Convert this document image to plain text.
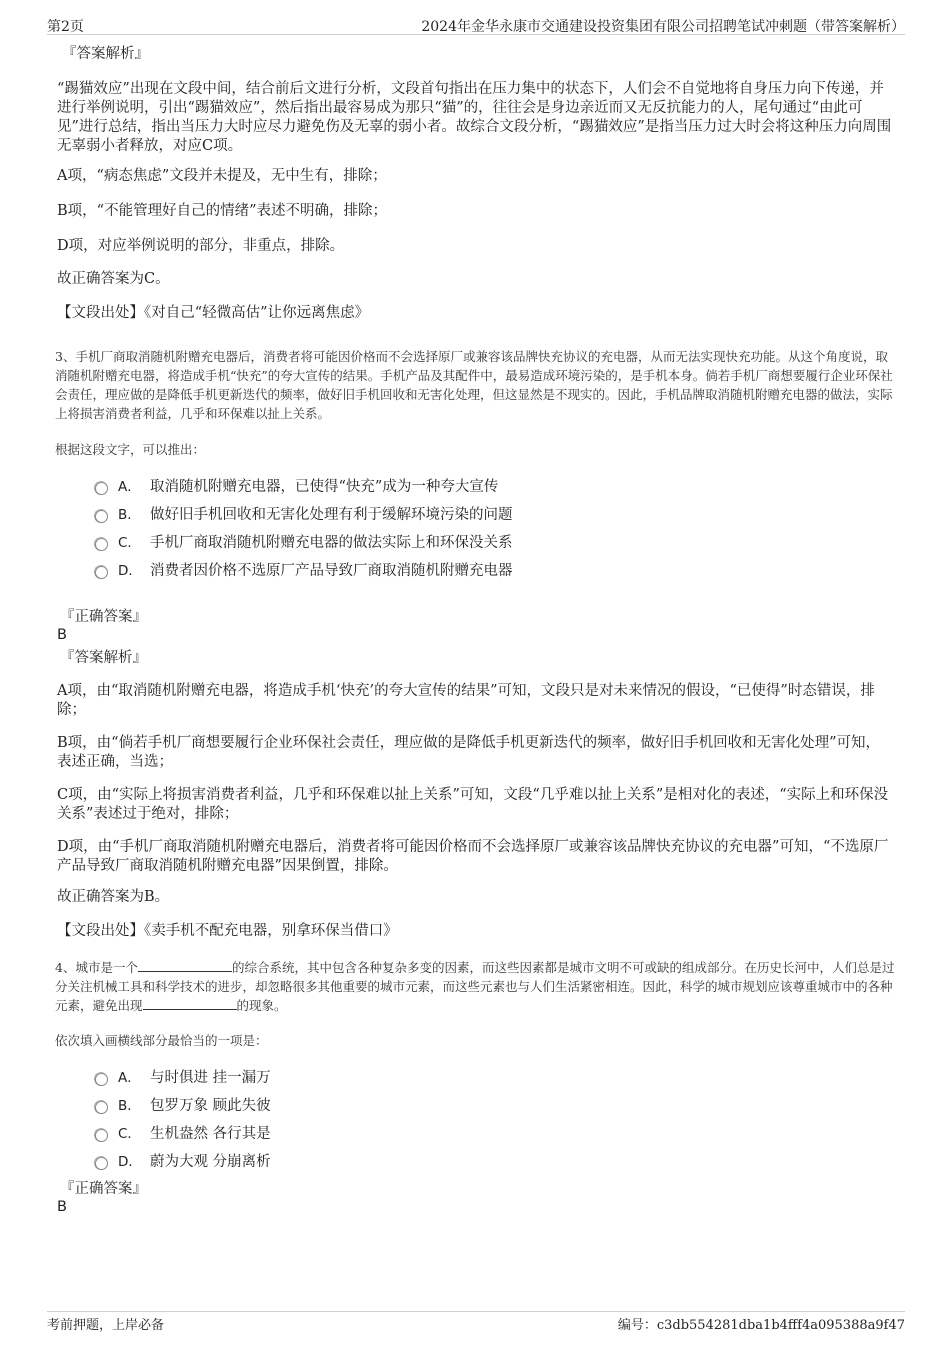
第2页	2024年金华永康市交通建设投资集团有限公司招聘笔试冲刺题（带答案解析）
『答案解析』
“踢猫效应”出现在文段中间，结合前后文进行分析，文段首句指出在压力集中的状态下，人们会不自觉地将自身压力向下传递，并进行举例说明，引出“踢猫效应”，然后指出最容易成为那只“猫”的，往往会是身边亲近而又无反抗能力的人，尾句通过“由此可见”进行总结，指出当压力大时应尽力避免伤及无辜的弱小者。故综合文段分析，“踢猫效应”是指当压力过大时会将这种压力向周围无辜弱小者释放，对应C项。
A项，“病态焦虑”文段并未提及，无中生有，排除；
B项，“不能管理好自己的情绪”表述不明确，排除；
D项，对应举例说明的部分，非重点，排除。
故正确答案为C。
【文段出处】《对自己“轻微高估”让你远离焦虑》
3、手机厂商取消随机附赠充电器后，消费者将可能因价格而不会选择原厂或兼容该品牌快充协议的充电器，从而无法实现快充功能。从这个角度说，取消随机附赠充电器，将造成手机“快充”的夸大宣传的结果。手机产品及其配件中，最易造成环境污染的，是手机本身。倘若手机厂商想要履行企业环保社会责任，理应做的是降低手机更新迭代的频率，做好旧手机回收和无害化处理，但这显然是不现实的。因此，手机品牌取消随机附赠充电器的做法，实际上将损害消费者利益，几乎和环保难以扯上关系。
根据这段文字，可以推出：
A． 取消随机附赠充电器，已使得“快充”成为一种夸大宣传
B． 做好旧手机回收和无害化处理有利于缓解环境污染的问题
C． 手机厂商取消随机附赠充电器的做法实际上和环保没关系
D． 消费者因价格不选原厂产品导致厂商取消随机附赠充电器
『正确答案』
B
『答案解析』
A项，由“取消随机附赠充电器，将造成手机‘快充’的夸大宣传的结果”可知，文段只是对未来情况的假设，“已使得”时态错误，排除；
B项，由“倘若手机厂商想要履行企业环保社会责任，理应做的是降低手机更新迭代的频率，做好旧手机回收和无害化处理”可知，表述正确，当选；
C项，由“实际上将损害消费者利益，几乎和环保难以扯上关系”可知，文段“几乎难以扯上关系”是相对化的表述，“实际上和环保没关系”表述过于绝对，排除；
D项，由“手机厂商取消随机附赠充电器后，消费者将可能因价格而不会选择原厂或兼容该品牌快充协议的充电器”可知，“不选原厂产品导致厂商取消随机附赠充电器”因果倒置，排除。
故正确答案为B。
【文段出处】《卖手机不配充电器，别拿环保当借口》
4、城市是一个	的综合系统，其中包含各种复杂多变的因素，而这些因素都是城市文明不可或缺的组成部分。在历史长河中，人们总是过分关注机械工具和科学技术的进步，却忽略很多其他重要的城市元素，而这些元素也与人们生活紧密相连。因此，科学的城市规划应该尊重城市中的各种元素，避免出现	的现象。
依次填入画横线部分最恰当的一项是：
A． 与时俱进 挂一漏万
B． 包罗万象 顾此失彼
C． 生机盎然 各行其是
D． 蔚为大观 分崩离析
『正确答案』
B
考前押题，上岸必备	编号：c3db554281dba1b4fff4a095388a9f47
